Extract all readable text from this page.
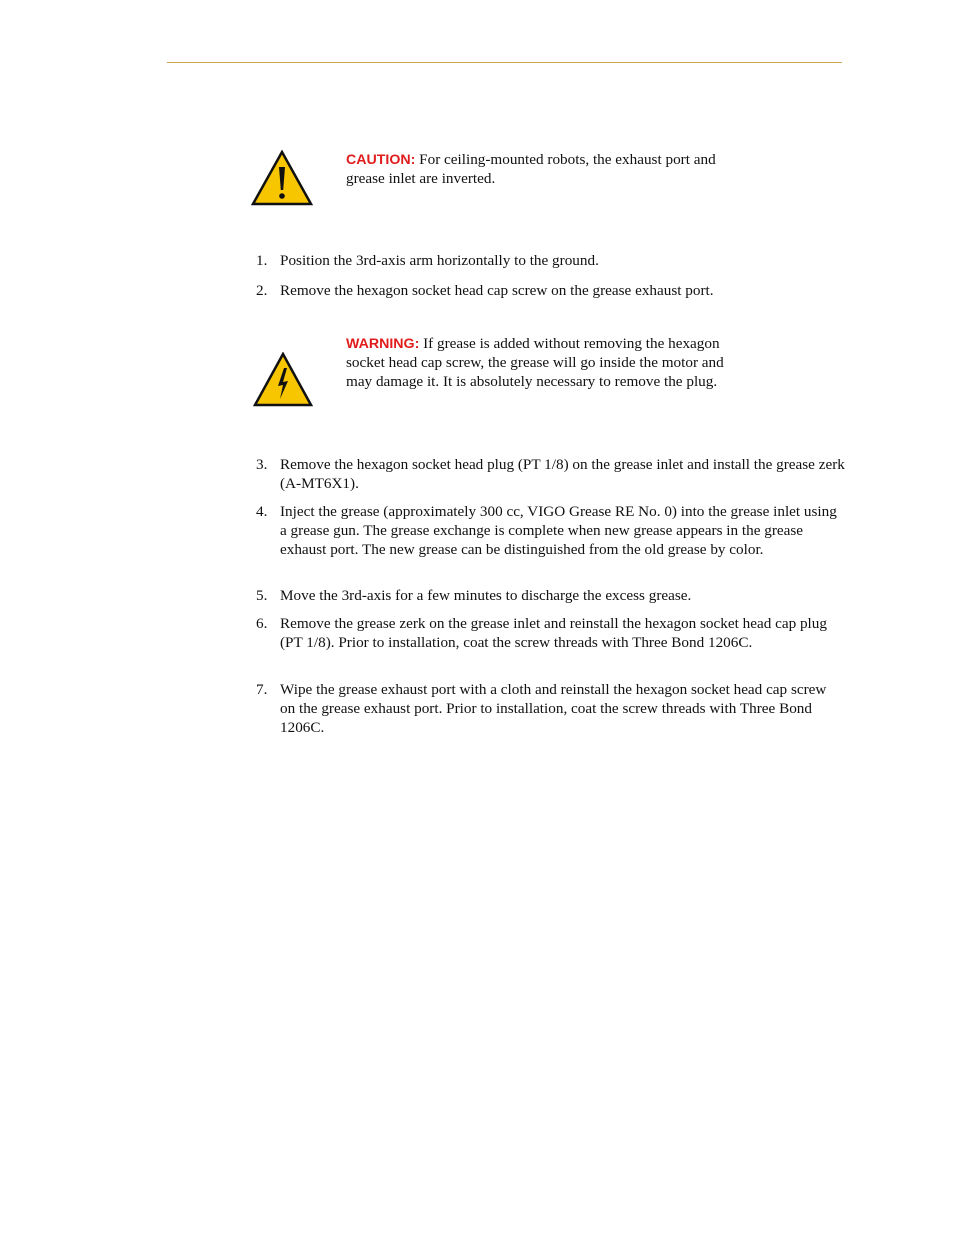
CAUTION: For ceiling-mounted robots, the exhaust port and grease inlet are inverted.
1. Position the 3rd-axis arm horizontally to the ground.
2. Remove the hexagon socket head cap screw on the grease exhaust port.
WARNING: If grease is added without removing the hexagon socket head cap screw, the grease will go inside the motor and may damage it. It is absolutely necessary to remove the plug.
3. Remove the hexagon socket head plug (PT 1/8) on the grease inlet and install the grease zerk (A-MT6X1).
4. Inject the grease (approximately 300 cc, VIGO Grease RE No. 0) into the grease inlet using a grease gun. The grease exchange is complete when new grease appears in the grease exhaust port. The new grease can be distinguished from the old grease by color.
5. Move the 3rd-axis for a few minutes to discharge the excess grease.
6. Remove the grease zerk on the grease inlet and reinstall the hexagon socket head cap plug (PT 1/8). Prior to installation, coat the screw threads with Three Bond 1206C.
7. Wipe the grease exhaust port with a cloth and reinstall the hexagon socket head cap screw on the grease exhaust port. Prior to installation, coat the screw threads with Three Bond 1206C.
